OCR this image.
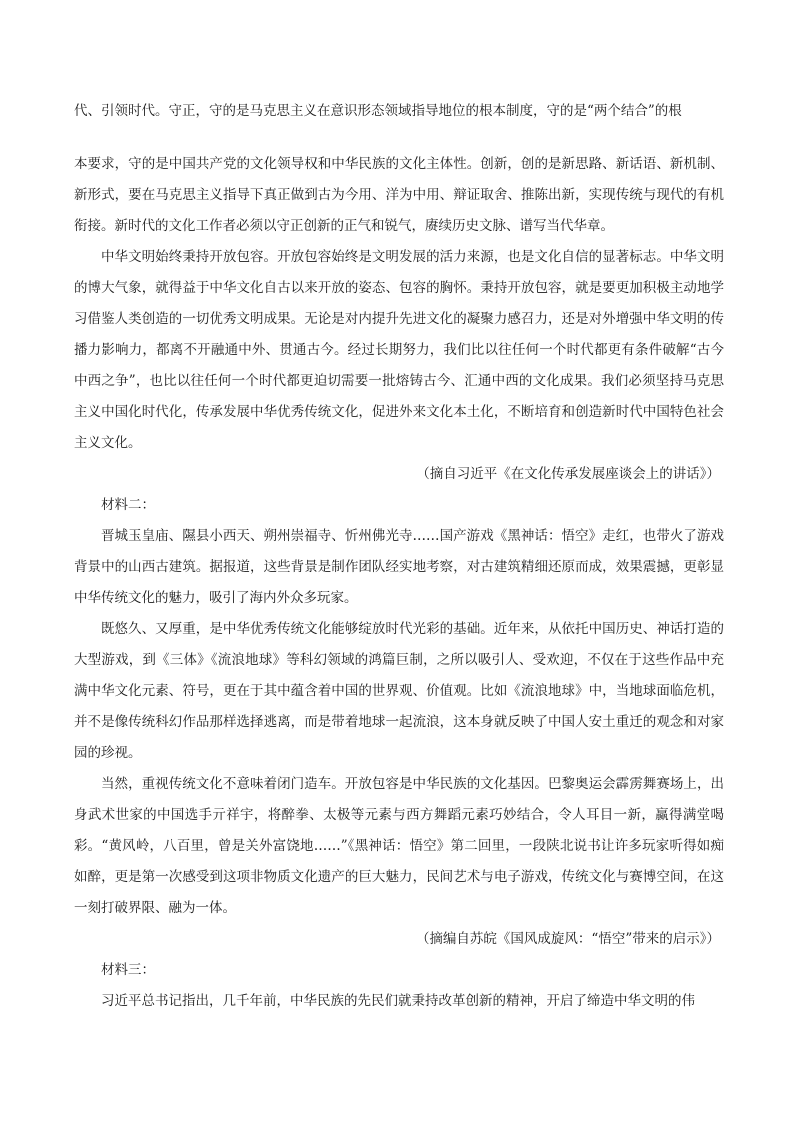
代、引领时代。守正，守的是马克思主义在意识形态领域指导地位的根本制度，守的是“两个结合”的根

本要求，守的是中国共产党的文化领导权和中华民族的文化主体性。创新，创的是新思路、新话语、新机制、新形式，要在马克思主义指导下真正做到古为今用、洋为中用、辩证取舍、推陈出新，实现传统与现代的有机衔接。新时代的文化工作者必须以守正创新的正气和锐气，赓续历史文脉、谱写当代华章。

中华文明始终秉持开放包容。开放包容始终是文明发展的活力来源，也是文化自信的显著标志。中华文明的博大气象，就得益于中华文化自古以来开放的姿态、包容的胸怀。秉持开放包容，就是要更加积极主动地学习借鉴人类创造的一切优秀文明成果。无论是对内提升先进文化的凝聚力感召力，还是对外增强中华文明的传播力影响力，都离不开融通中外、贯通古今。经过长期努力，我们比以往任何一个时代都更有条件破解“古今中西之争”，也比以往任何一个时代都更迫切需要一批熔铸古今、汇通中西的文化成果。我们必须坚持马克思主义中国化时代化，传承发展中华优秀传统文化，促进外来文化本土化，不断培育和创造新时代中国特色社会主义文化。

（摘自习近平《在文化传承发展座谈会上的讲话》）

材料二：

晋城玉皇庙、隰县小西天、朔州崇福寺、忻州佛光寺……国产游戏《黑神话：悟空》走红，也带火了游戏背景中的山西古建筑。据报道，这些背景是制作团队经实地考察，对古建筑精细还原而成，效果震撼，更彰显中华传统文化的魅力，吸引了海内外众多玩家。

既悠久、又厚重，是中华优秀传统文化能够绽放时代光彩的基础。近年来，从依托中国历史、神话打造的大型游戏，到《三体》《流浪地球》等科幻领域的鸿篇巨制，之所以吸引人、受欢迎，不仅在于这些作品中充满中华文化元素、符号，更在于其中蕴含着中国的世界观、价值观。比如《流浪地球》中，当地球面临危机，并不是像传统科幻作品那样选择逃离，而是带着地球一起流浪，这本身就反映了中国人安土重迁的观念和对家园的珍视。

当然，重视传统文化不意味着闭门造车。开放包容是中华民族的文化基因。巴黎奥运会霹雳舞赛场上，出身武术世家的中国选手亓祥宇，将醉拳、太极等元素与西方舞蹈元素巧妙结合，令人耳目一新，赢得满堂喝彩。“黄风岭，八百里，曾是关外富饶地……”《黑神话：悟空》第二回里，一段陕北说书让许多玩家听得如痴如醉，更是第一次感受到这项非物质文化遗产的巨大魅力，民间艺术与电子游戏，传统文化与赛博空间，在这一刻打破界限、融为一体。

（摘编自苏皖《国风成旋风：“悟空”带来的启示》）

材料三：

习近平总书记指出，几千年前，中华民族的先民们就秉持改革创新的精神，开启了缔造中华文明的伟
